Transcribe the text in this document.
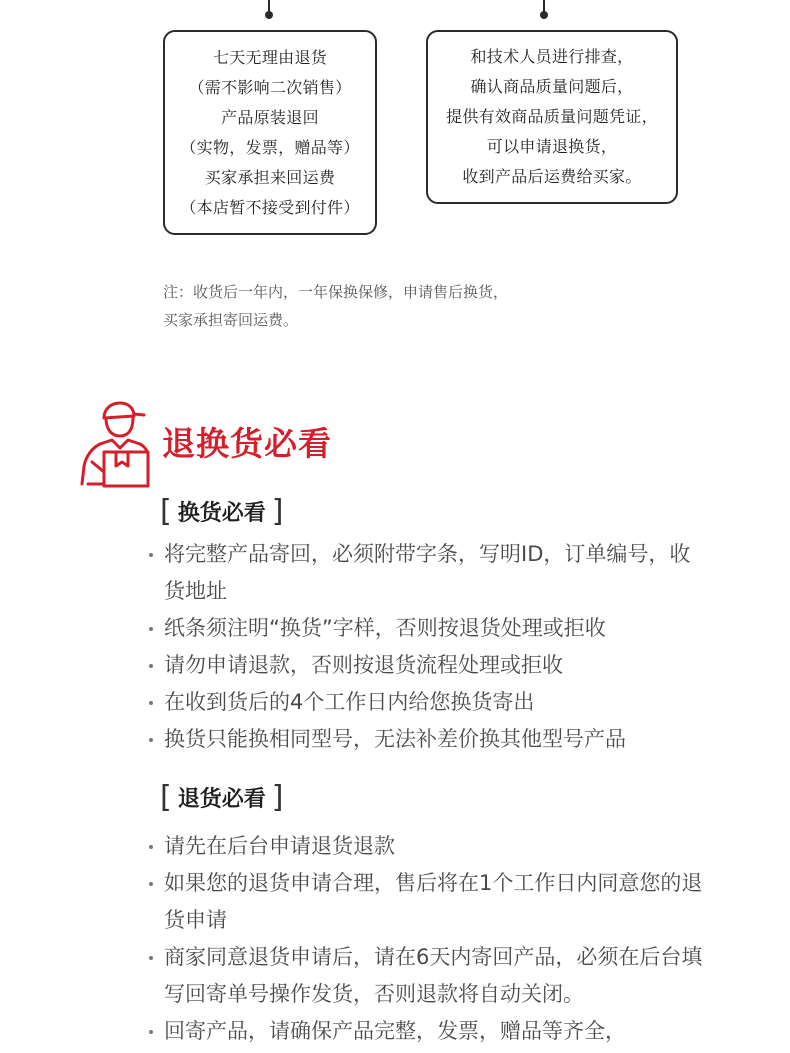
七天无理由退货
（需不影响二次销售）
产品原装退回
（实物，发票，赠品等）
买家承担来回运费
（本店暂不接受到付件）
和技术人员进行排查，
确认商品质量问题后，
提供有效商品质量问题凭证，
可以申请退换货，
收到产品后运费给买家。
注：收货后一年内，一年保换保修，申请售后换货，
买家承担寄回运费。
退换货必看
[ 换货必看 ]
将完整产品寄回，必须附带字条，写明ID，订单编号，收货地址
纸条须注明“换货”字样，否则按退货处理或拒收
请勿申请退款，否则按退货流程处理或拒收
在收到货后的4个工作日内给您换货寄出
换货只能换相同型号，无法补差价换其他型号产品
[ 退货必看 ]
请先在后台申请退货退款
如果您的退货申请合理，售后将在1个工作日内同意您的退货申请
商家同意退货申请后，请在6天内寄回产品，必须在后台填写回寄单号操作发货，否则退款将自动关闭。
回寄产品，请确保产品完整，发票，赠品等齐全，
